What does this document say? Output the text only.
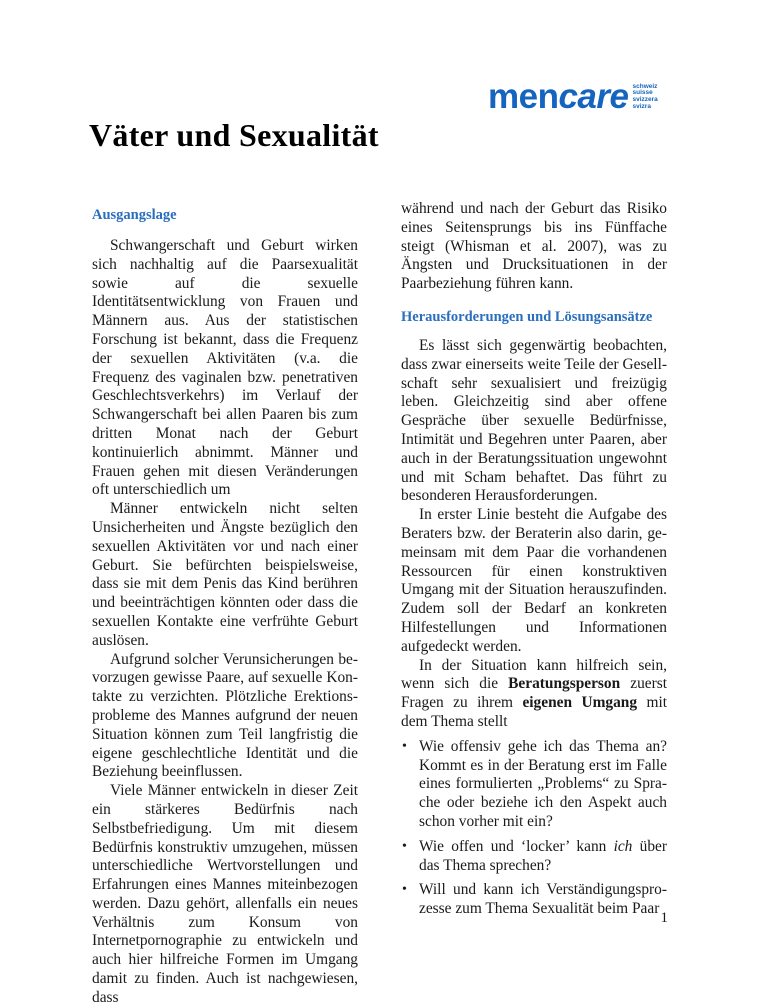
mencare schweiz
suisse
svizzera
svizra
Väter und Sexualität
Ausgangslage

Schwangerschaft und Geburt wirken sich nachhaltig auf die Paarsexualität sowie auf die sexuelle Identitätsentwicklung von Frauen und Männern aus. Aus der statistischen Forschung ist bekannt, dass die Frequenz der sexuellen Aktivitäten (v.a. die Frequenz des vaginalen bzw. penetrativen Geschlechtsverkehrs) im Verlauf der Schwangerschaft bei allen Paaren bis zum dritten Monat nach der Geburt kontinuierlich abnimmt. Männer und Frauen gehen mit diesen Veränderungen oft unterschiedlich um

Männer entwickeln nicht selten Unsicherheiten und Ängste bezüglich den sexuellen Aktivitäten vor und nach einer Geburt. Sie befürchten beispielsweise, dass sie mit dem Penis das Kind berühren und beeinträchtigen könnten oder dass die sexuellen Kontakte eine verfrühte Geburt auslösen.

Aufgrund solcher Verunsicherungen bevorzugen gewisse Paare, auf sexuelle Kontakte zu verzichten. Plötzliche Erektionsprobleme des Mannes aufgrund der neuen Situation können zum Teil langfristig die eigene geschlechtliche Identität und die Beziehung beeinflussen.

Viele Männer entwickeln in dieser Zeit ein stärkeres Bedürfnis nach Selbstbefriedigung. Um mit diesem Bedürfnis konstruktiv umzugehen, müssen unterschiedliche Wertvorstellungen und Erfahrungen eines Mannes miteinbezogen werden. Dazu gehört, allenfalls ein neues Verhältnis zum Konsum von Internetpornographie zu entwickeln und auch hier hilfreiche Formen im Umgang damit zu finden. Auch ist nachgewiesen, dass

während und nach der Geburt das Risiko eines Seitensprungs bis ins Fünffache steigt (Whisman et al. 2007), was zu Ängsten und Drucksituationen in der Paarbeziehung führen kann.

Herausforderungen und Lösungsansätze

Es lässt sich gegenwärtig beobachten, dass zwar einerseits weite Teile der Gesellschaft sehr sexualisiert und freizügig leben. Gleichzeitig sind aber offene Gespräche über sexuelle Bedürfnisse, Intimität und Begehren unter Paaren, aber auch in der Beratungssituation ungewohnt und mit Scham behaftet. Das führt zu besonderen Herausforderungen.

In erster Linie besteht die Aufgabe des Beraters bzw. der Beraterin also darin, gemeinsam mit dem Paar die vorhandenen Ressourcen für einen konstruktiven Umgang mit der Situation herauszufinden. Zudem soll der Bedarf an konkreten Hilfestellungen und Informationen aufgedeckt werden.

In der Situation kann hilfreich sein, wenn sich die Beratungsperson zuerst Fragen zu ihrem eigenen Umgang mit dem Thema stellt

• Wie offensiv gehe ich das Thema an? Kommt es in der Beratung erst im Falle eines formulierten „Problems“ zu Sprache oder beziehe ich den Aspekt auch schon vorher mit ein?
• Wie offen und ‘locker’ kann ich über das Thema sprechen?
• Will und kann ich Verständigungsprozesse zum Thema Sexualität beim Paar
1
